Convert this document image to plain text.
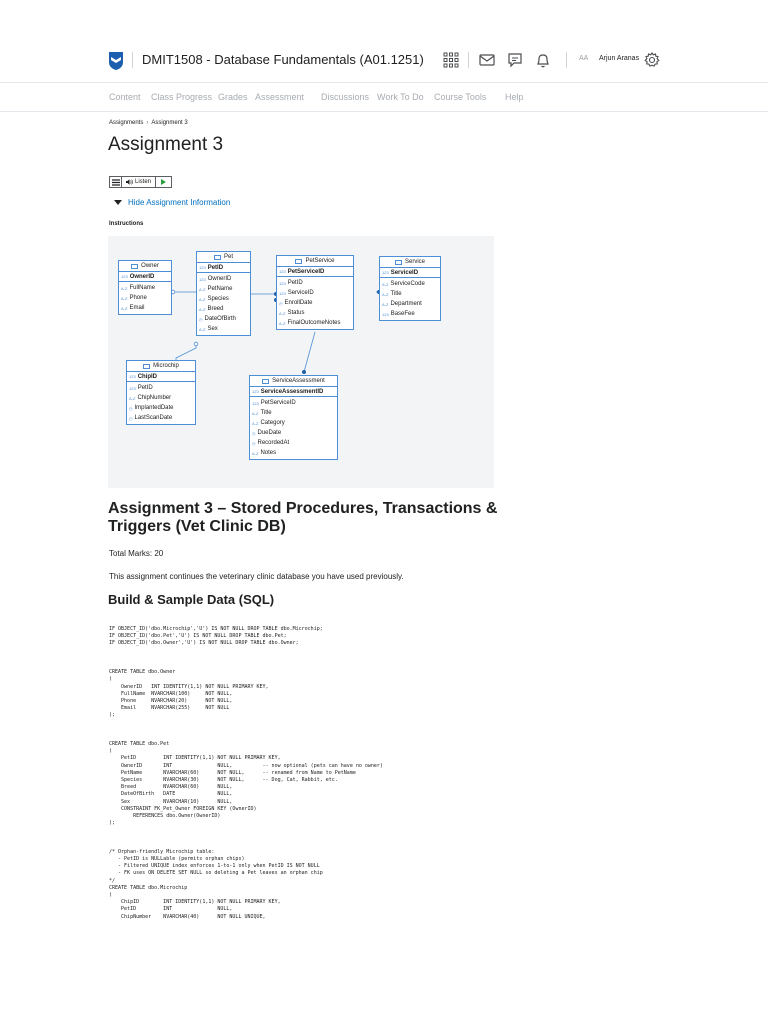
DMIT1508 - Database Fundamentals (A01.1251)	AA Arjun Aranas
Content Class Progress Grades Assessment Discussions Work To Do Course Tools Help
Assignments › Assignment 3
Assignment 3
Listen
Hide Assignment Information
Instructions
Owner
123 OwnerID
A-Z FullName
A-Z Phone
A-Z Email
Pet
123 PetID
123 OwnerID
A-Z PetName
A-Z Species
A-Z Breed
◷ DateOfBirth
A-Z Sex
PetService
123 PetServiceID
123 PetID
123 ServiceID
◷ EnrollDate
A-Z Status
A-Z FinalOutcomeNotes
Service
123 ServiceID
A-Z ServiceCode
A-Z Title
A-Z Department
123 BaseFee
Microchip
123 ChipID
123 PetID
A-Z ChipNumber
◷ ImplantedDate
◷ LastScanDate
ServiceAssessment
123 ServiceAssessmentID
123 PetServiceID
A-Z Title
A-Z Category
◷ DueDate
◷ RecordedAt
A-Z Notes
Assignment 3 – Stored Procedures, Transactions & Triggers (Vet Clinic DB)
Total Marks: 20
This assignment continues the veterinary clinic database you have used previously.
Build & Sample Data (SQL)
IF OBJECT_ID('dbo.Microchip','U') IS NOT NULL DROP TABLE dbo.Microchip;
IF OBJECT_ID('dbo.Pet','U') IS NOT NULL DROP TABLE dbo.Pet;
IF OBJECT_ID('dbo.Owner','U') IS NOT NULL DROP TABLE dbo.Owner;
CREATE TABLE dbo.Owner
(
OwnerID   INT IDENTITY(1,1) NOT NULL PRIMARY KEY,
FullName  NVARCHAR(100)     NOT NULL,
Phone     NVARCHAR(20)      NOT NULL,
Email     NVARCHAR(255)     NOT NULL
);
CREATE TABLE dbo.Pet
(
PetID         INT IDENTITY(1,1) NOT NULL PRIMARY KEY,
OwnerID       INT               NULL,          -- now optional (pets can have no owner)
PetName       NVARCHAR(60)      NOT NULL,      -- renamed from Name to PetName
Species       NVARCHAR(30)      NOT NULL,      -- Dog, Cat, Rabbit, etc.
Breed         NVARCHAR(60)      NULL,
DateOfBirth   DATE              NULL,
Sex           NVARCHAR(10)      NULL,
CONSTRAINT FK_Pet_Owner FOREIGN KEY (OwnerID)
REFERENCES dbo.Owner(OwnerID)
);
/* Orphan-friendly Microchip table:
- PetID is NULLable (permits orphan chips)
- Filtered UNIQUE index enforces 1-to-1 only when PetID IS NOT NULL
- FK uses ON DELETE SET NULL so deleting a Pet leaves an orphan chip
*/
CREATE TABLE dbo.Microchip
(
ChipID        INT IDENTITY(1,1) NOT NULL PRIMARY KEY,
PetID         INT               NULL,
ChipNumber    NVARCHAR(40)      NOT NULL UNIQUE,
